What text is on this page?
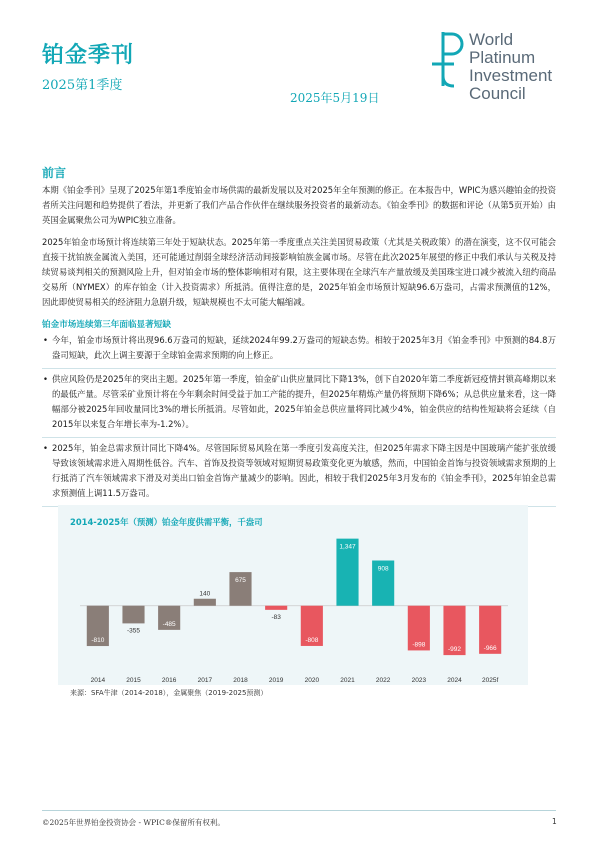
铂金季刊
2025第1季度
2025年5月19日
World
Platinum
Investment
Council
前言
本期《铂金季刊》呈现了2025年第1季度铂金市场供需的最新发展以及对2025年全年预测的修正。在本报告中，WPIC为感兴趣铂金的投资者所关注问题和趋势提供了看法，并更新了我们产品合作伙伴在继续服务投资者的最新动态。《铂金季刊》的数据和评论（从第5页开始）由英国金属聚焦公司为WPIC独立准备。
2025年铂金市场预计将连续第三年处于短缺状态。2025年第一季度重点关注美国贸易政策（尤其是关税政策）的潜在演变，这不仅可能会直接干扰铂族金属流入美国，还可能通过削弱全球经济活动间接影响铂族金属市场。尽管在此次2025年展望的修正中我们承认与关税及持续贸易谈判相关的预测风险上升，但对铂金市场的整体影响相对有限，这主要体现在全球汽车产量放缓及美国珠宝进口减少被流入纽约商品交易所（NYMEX）的库存铂金（计入投资需求）所抵消。值得注意的是，2025年铂金市场预计短缺96.6万盎司，占需求预测值的12%，因此即使贸易相关的经济阻力急剧升级，短缺规模也不太可能大幅缩减。
铂金市场连续第三年面临显著短缺
• 今年，铂金市场预计将出现96.6万盎司的短缺，延续2024年99.2万盎司的短缺态势。相较于2025年3月《铂金季刊》中预测的84.8万盎司短缺，此次上调主要源于全球铂金需求预期的向上修正。
• 供应风险仍是2025年的突出主题。2025年第一季度，铂金矿山供应量同比下降13%，创下自2020年第二季度新冠疫情封锁高峰期以来的最低产量。尽管采矿业预计将在今年剩余时间受益于加工产能的提升，但2025年精炼产量仍将预期下降6%；从总供应量来看，这一降幅部分被2025年回收量同比3%的增长所抵消。尽管如此，2025年铂金总供应量将同比减少4%，铂金供应的结构性短缺将会延续（自2015年以来复合年增长率为-1.2%）。
• 2025年，铂金总需求预计同比下降4%。尽管国际贸易风险在第一季度引发高度关注，但2025年需求下降主因是中国玻璃产能扩张放缓导致该领域需求进入周期性低谷。汽车、首饰及投资等领域对短期贸易政策变化更为敏感，然而，中国铂金首饰与投资领域需求预期的上行抵消了汽车领域需求下滑及对美出口铂金首饰产量减少的影响。因此，相较于我们2025年3月发布的《铂金季刊》，2025年铂金总需求预测值上调11.5万盎司。
2014-2025年（预测）铂金年度供需平衡，千盎司
-810
2014
-355
2015
-485
2016
140
2017
675
2018
-83
2019
-808
2020
1,347
2021
908
2022
-898
2023
-992
2024
-966
2025f
来源：SFA牛津（2014-2018），金属聚焦（2019-2025预测）
©2025年世界铂金投资协会 - WPIC®保留所有权利。	1
